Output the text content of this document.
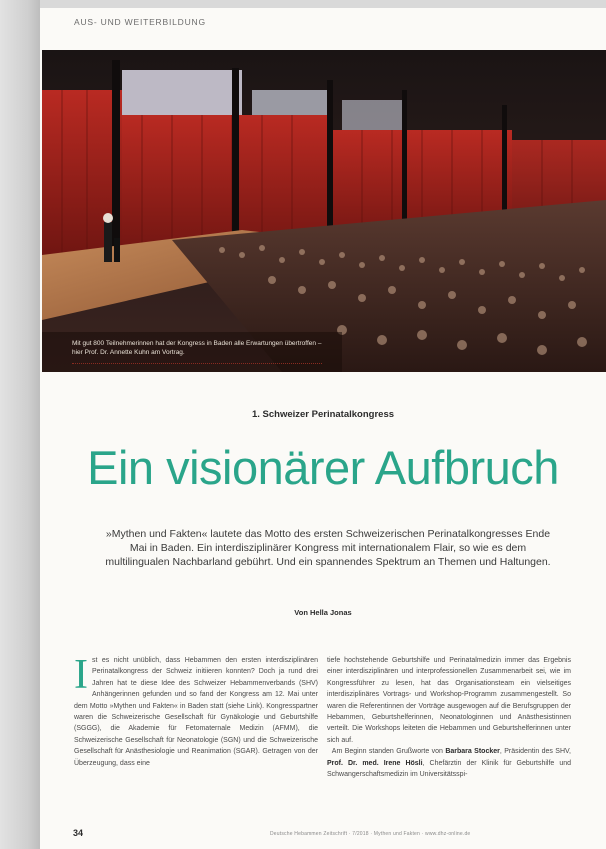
AUS- UND WEITERBILDUNG
Mit gut 800 Teilnehmerinnen hat der Kongress in Baden alle Erwartungen übertroffen – hier Prof. Dr. Annette Kuhn am Vortrag.
1. Schweizer Perinatalkongress
Ein visionärer Aufbruch
»Mythen und Fakten« lautete das Motto des ersten Schweizerischen Perinatalkongresses Ende Mai in Baden. Ein interdisziplinärer Kongress mit internationalem Flair, so wie es dem multilingualen Nachbarland gebührt. Und ein spannendes Spektrum an Themen und Haltungen.
Von Hella Jonas
Ist es nicht unüblich, dass Hebammen den ersten interdisziplinären Perinatalkongress der Schweiz initiieren konnten? Doch ja rund drei Jahren hat te diese Idee des Schweizer Hebammenverbands (SHV) Anhängerinnen gefunden und so fand der Kongress am 12. Mai unter dem Motto »Mythen und Fakten« in Baden statt (siehe Link). Kongresspartner waren die Schweizerische Gesellschaft für Gynäkologie und Geburtshilfe (SGGG), die Akademie für Fetomaternale Medizin (AFMM), die Schweizerische Gesellschaft für Neonatologie (SGN) und die Schweizerische Gesellschaft für Anästhesiologie und Reanimation (SGAR). Getragen von der Überzeugung, dass eine
tiefe hochstehende Geburtshilfe und Perinatalmedizin immer das Ergebnis einer interdisziplinären und interprofessionellen Zusammenarbeit sei, wie im Kongressführer zu lesen, hat das Organisationsteam ein vielseitiges interdisziplinäres Vortrags- und Workshop-Programm zusammengestellt. So waren die Referentinnen der Vorträge ausgewogen auf die Berufsgruppen der Hebammen, Geburtshelferinnen, Neonatologinnen und Anästhesistinnen verteilt. Die Workshops leiteten die Hebammen und Geburtshelferinnen unter sich auf.
Am Beginn standen Grußworte von Barbara Stocker, Präsidentin des SHV, Prof. Dr. med. Irene Hösli, Chefärztin der Klinik für Geburtshilfe und Schwangerschaftsmedizin im Universitätsspi-
34	Deutsche Hebammen Zeitschrift · 7/2018 · Mythen und Fakten · www.dhz-online.de
